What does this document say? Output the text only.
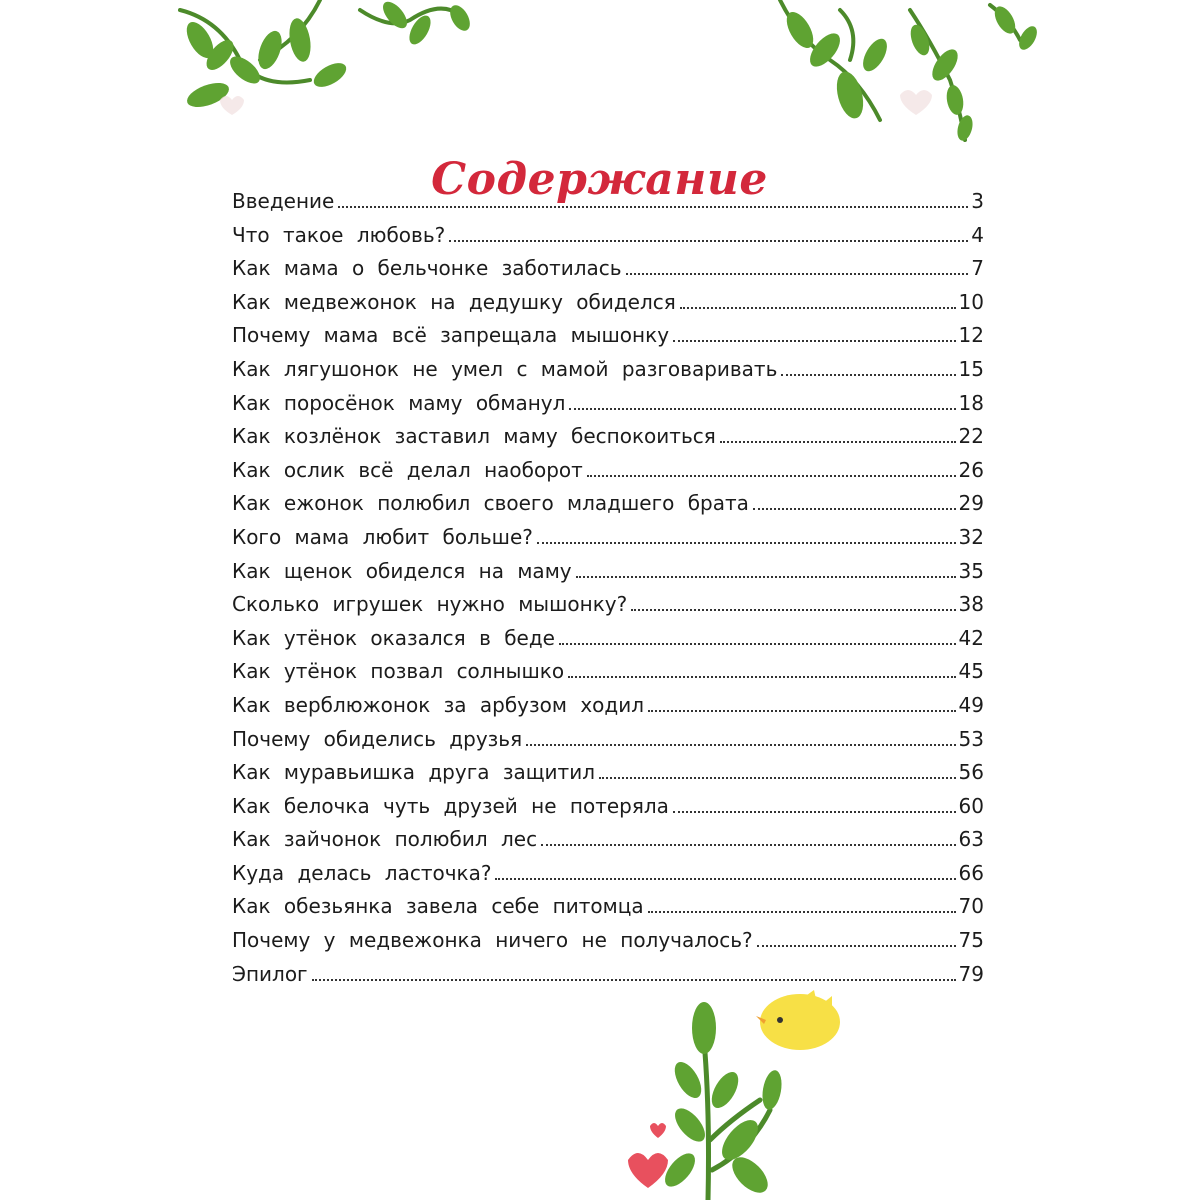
Содержание
Введение	3
Что такое любовь?	4
Как мама о бельчонке заботилась	7
Как медвежонок на дедушку обиделся	10
Почему мама всё запрещала мышонку	12
Как лягушонок не умел с мамой разговаривать	15
Как поросёнок маму обманул	18
Как козлёнок заставил маму беспокоиться	22
Как ослик всё делал наоборот	26
Как ежонок полюбил своего младшего брата	29
Кого мама любит больше?	32
Как щенок обиделся на маму	35
Сколько игрушек нужно мышонку?	38
Как утёнок оказался в беде	42
Как утёнок позвал солнышко	45
Как верблюжонок за арбузом ходил	49
Почему обиделись друзья	53
Как муравьишка друга защитил	56
Как белочка чуть друзей не потеряла	60
Как зайчонок полюбил лес	63
Куда делась ласточка?	66
Как обезьянка завела себе питомца	70
Почему у медвежонка ничего не получалось?	75
Эпилог	79
